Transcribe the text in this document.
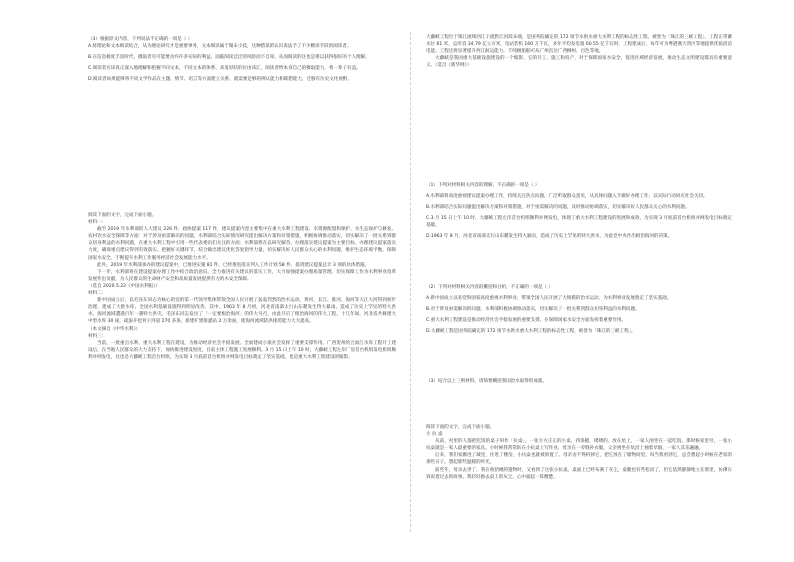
（3）根据原文内容，下列说法不正确的一项是（ ）

A.将理论和文本细读结合，从为理论研究才是重要事务，文本细读属于微末小技，这种错误的认识说法予了不少精读手段的阅读者。

B.在信息极度丰富时代，摄取者有可能要舍弃许多实际的利益，面临阅读泛泛的风险而不自知，从而阅读的这也是难以获得很好的个人理解。

C.阅读者应该真正深入地理解和把握不同文本，不同文本的体系、来发轻结的位由该汇，阅读者给本身自己的摄取能力，将一辈子有益。

D.阅读者如果能够将不同文学作品在主题、情节、语言等方面建立关系，就需要足够的辨认能力和联想能力，迁移有历史文化视野。

阅读下面的文字，完成下面小题。

材料一：

截至 2019 年水利部的人大建议 226 件、政协提案 117 件，建议提案内容主要集中在重大水利工程建设、水资源配置和保护、水生态保护与修复、农村饮水安全保障等方面：对于涉及亟需解决的问题，水利部结合实际情况研究提出解决方案和对策措施，积极协调推动落实，切实解决了一批关系到群众切身利益的水利问题，在重大水利工程中引用一些代表委员们关注的方面：水利部将在以研究解答、办理落实建议提案为主要目标，办理建议提案落实力度，确保重点建议得到有效落实。把握好关键环节，结合做出建议优化答复指导力量，切实解决好人民群众关心的水利问题，维护生态环境平衡，保障国家水安全，不断提升水利工作服务经济社会发展能力水平。

此外，2019 年水利部承办的建议提案中，已推进实施 81 件，已经推进落实列入工作计划 58 件，提请建议提案总计 3 项的具体措施。

下一步，水利部将在建设提案办理工作中结合政治意识，全力推进有关建议的落实工作，大力加强提案办理质量管理，切实保障工作为水利事业改革发展作出贡献，为人民群众的生命财产安全和高质量发展提供有力的水安全保障。

（选自 2020.5.22《中国水利报》）

材料二：

新中国成立后，以毛泽东同志为核心的党的第一代领导集体带领全国人民开展了轰轰烈烈的治水运动，黄河、长江、淮河、海河等大江大河得到初步治理，建成了大批水库，全国水利基础设施得到明显改善。其中，1963 年 8 月初，河北省南部太行山东麓发生特大暴雨，造成了历史上罕见的特大洪水，海河流域遭遇百年一遇特大洪灾。毛泽东同志发出了「一定要根治海河」的伟大号召，由此开启了根治海河的伟大工程，十几年间，河北省共修建大中型水库 30 座，疏浚开挖骨干河道 270 多条，新建扩建排灌站 2 万余座，使海河流域防洪排涝能力大大提高。

（本文摘自《中华水利》）

材料三：

当前，一批重点水利、重大水利工程在建设，为推动经济社会平稳发展、全面建成小康社会发挥了重要支撑作用。广西贺州的合面江水库工程开工建设后，在当地人民群众的大力支持下，加快推进建设进度，目前主体工程施工进展顺利。3 月 15 日上午 10 时，大藤峡工程左岸厂房首台机组发电机组顺利并网发电，这也是大藤峡工程首台机组，为实现 3 月底前首台机组并网发电目标奠定了坚实基础，也是重大水利工程建设的缩影。

大藤峡工程位于珠江流域西江干流黔江河段末端，是国务院确定的 172 项节水供水重大水利工程的标志性工程，被誉为「珠江的三峡工程」。工程正常蓄水位 61 米，总库容 34.79 亿立方米，电站装机 160 万千瓦，多年平均发电量 60.55 亿千瓦时，工程建成后，每年可为粤港澳大湾区等地提供优质清洁电能。工程还将显著提升西江航运能力，千吨级船舶可从广州直达广西柳州、百色等地。

大藤峡是我国重大基础设施建设的一个缩影，它的开工、施工和投产，对于保障国家水安全、促进区域经济发展、推动生态文明建设都具有重要意义。（选自《新华网》）

（1）下列对材料相关内容的理解，不正确的一项是（ ）

A.水利部将高度重视建议提案办理工作，持续关注热点问题，广泛听取群众意见，从具体问题入手做好办理工作，以实际行动回应社会关切。

B.水利部结合实际问题提出解决方案和对策措施，对于亟需解决的问题，及时推动协调落实，切实解决好人民群众关心的水利问题。

C.3 月 15 日上午 10 时，大藤峡工程左岸首台机组顺利并网发电，体现了重大水利工程建设的进展和成效，为实现 3 月底前首台机组并网发电目标奠定基础。

D.1963 年 8 月，河北省南部太行山东麓发生特大暴雨，造成了历史上罕见的特大洪水，为此党中央作出根治海河的决策。

（2）下列对材料相关内容的概括和分析，不正确的一项是（ ）

A.新中国成立以来党和国家高度重视水利事业，带领全国人民开展了大规模的治水运动，为水利事业发展奠定了坚实基础。

B.对于涉及亟需解决的问题，水利部积极协调推动落实，切实解决了一批关系到群众切身利益的水利问题。

C.重大水利工程建设是推动经济社会平稳发展的重要支撑，在保障国家水安全方面发挥着重要作用。

D.大藤峡工程是国务院确定的 172 项节水供水重大水利工程的标志性工程，被誉为「珠江的三峡工程」。

（3）结合以上三则材料，请简要概括我国治水取得的成就。

阅读下面的文字，完成下面小题。

小 抗 桌

从前，村里的人都把吃饭的桌子叫作「抗桌」，一张方方正正的小桌，四条腿，矮矮的，放在炕上，一家人围坐在一起吃饭。那时候家里穷，一张小抗桌就是一家人最重要的家具。小时候我常常趴在小抗桌上写作业，母亲在一旁缝补衣服，父亲则坐在炕沿上抽着旱烟，一家人其乐融融。

后来，我们家搬进了城里，住进了楼房，小抗桌也就被闲置了。母亲舍不得扔掉它，把它放在了储物间里。每当我看到它，总会想起小时候在老家的那些日子，想起那些温暖的时光。

前些年，母亲去世了，我在收拾她的遗物时，又看到了这张小抗桌。桌面上已经布满了灰尘，桌腿也有些松动了，但它依然静静地立在那里，仿佛在诉说着过去的故事。我轻轻擦去桌上的灰尘，心中涌起一阵酸楚。
